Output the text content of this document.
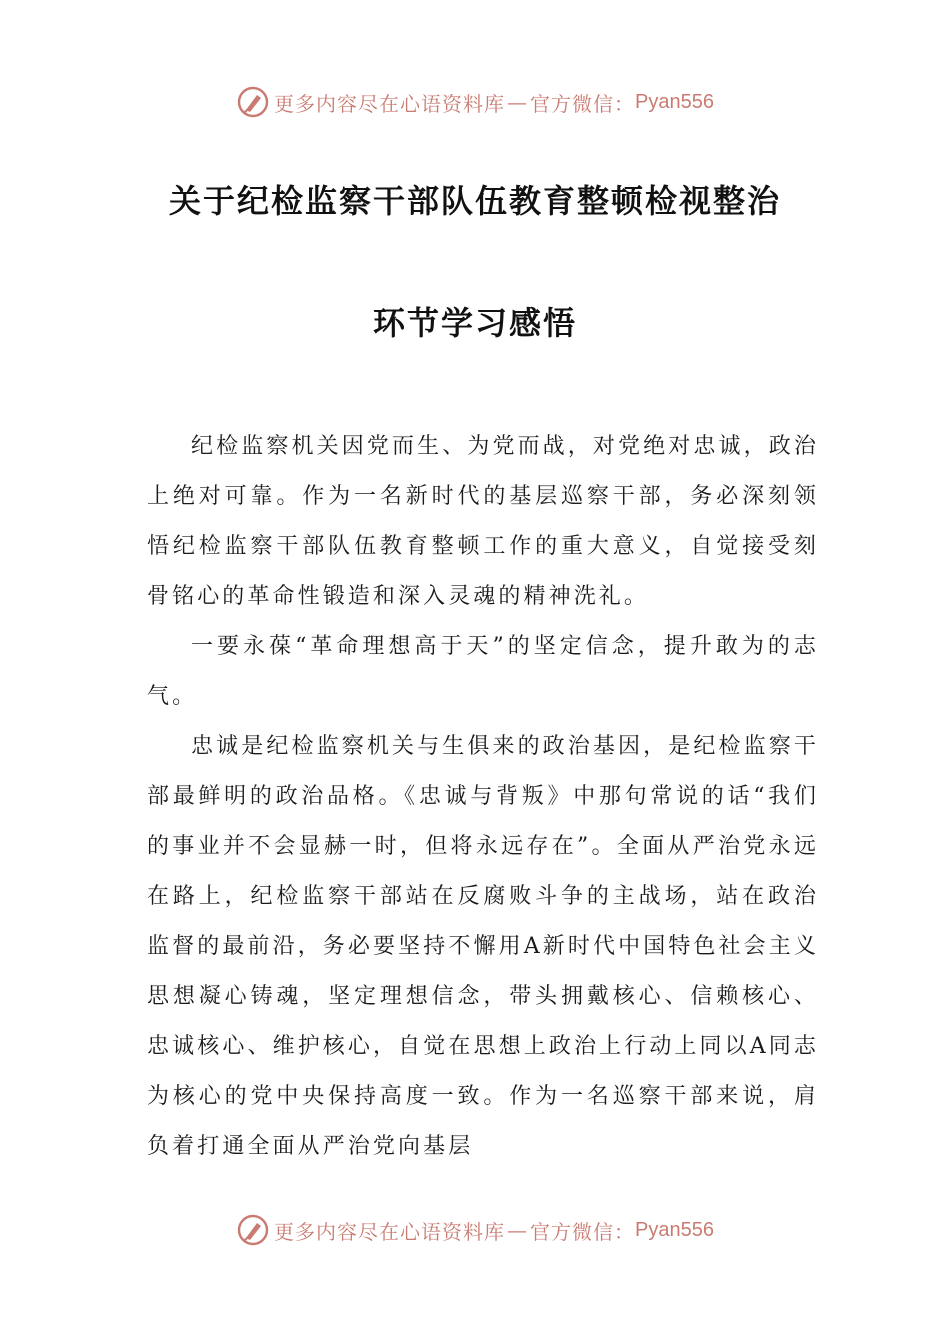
更多内容尽在心语资料库 — 官方微信： Pyan556
关于纪检监察干部队伍教育整顿检视整治
环节学习感悟

纪检监察机关因党而生、为党而战，对党绝对忠诚，政治上绝对可靠。作为一名新时代的基层巡察干部，务必深刻领悟纪检监察干部队伍教育整顿工作的重大意义，自觉接受刻骨铭心的革命性锻造和深入灵魂的精神洗礼。

一要永葆“革命理想高于天”的坚定信念，提升敢为的志气。

忠诚是纪检监察机关与生俱来的政治基因，是纪检监察干部最鲜明的政治品格。《忠诚与背叛》中那句常说的话“我们的事业并不会显赫一时，但将永远存在”。全面从严治党永远在路上，纪检监察干部站在反腐败斗争的主战场，站在政治监督的最前沿，务必要坚持不懈用A新时代中国特色社会主义思想凝心铸魂，坚定理想信念，带头拥戴核心、信赖核心、忠诚核心、维护核心，自觉在思想上政治上行动上同以A同志为核心的党中央保持高度一致。作为一名巡察干部来说，肩负着打通全面从严治党向基层

更多内容尽在心语资料库 — 官方微信： Pyan556
